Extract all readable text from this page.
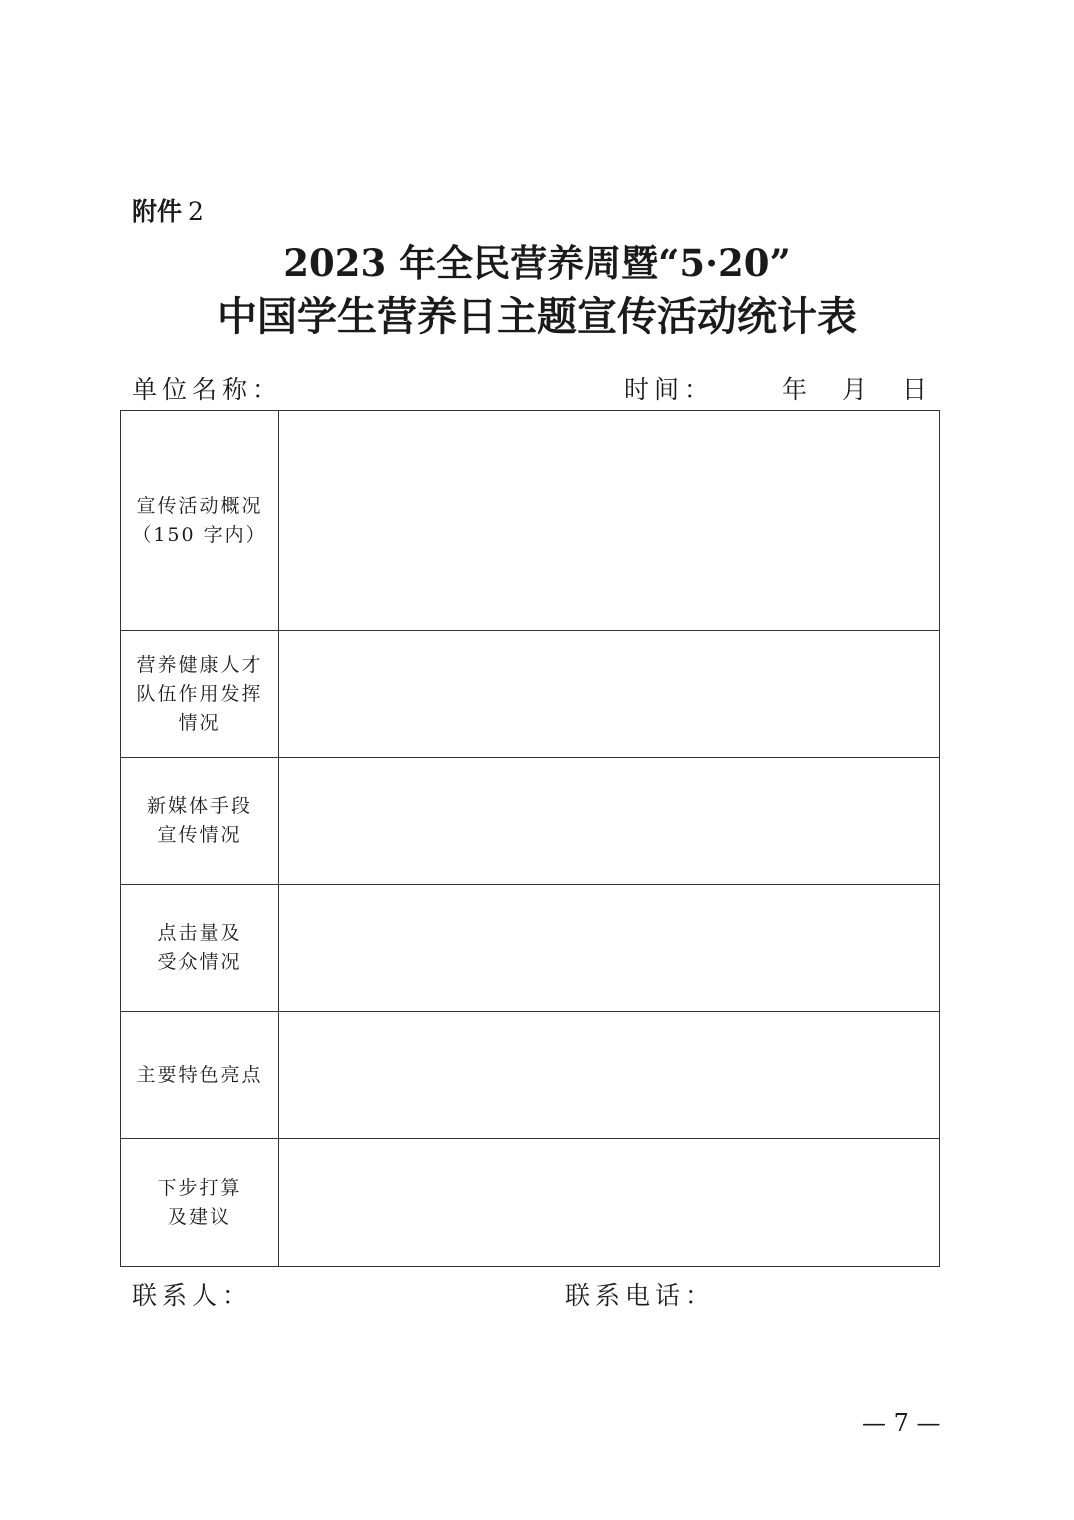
附件 2
2023 年全民营养周暨“5·20”
中国学生营养日主题宣传活动统计表
单位名称：	时间：	年 月 日
宣传活动概况
（150 字内）	

营养健康人才
队伍作用发挥
情况	

新媒体手段
宣传情况	

点击量及
受众情况	

主要特色亮点	

下步打算
及建议	

联系人：	联系电话：
— 7 —
